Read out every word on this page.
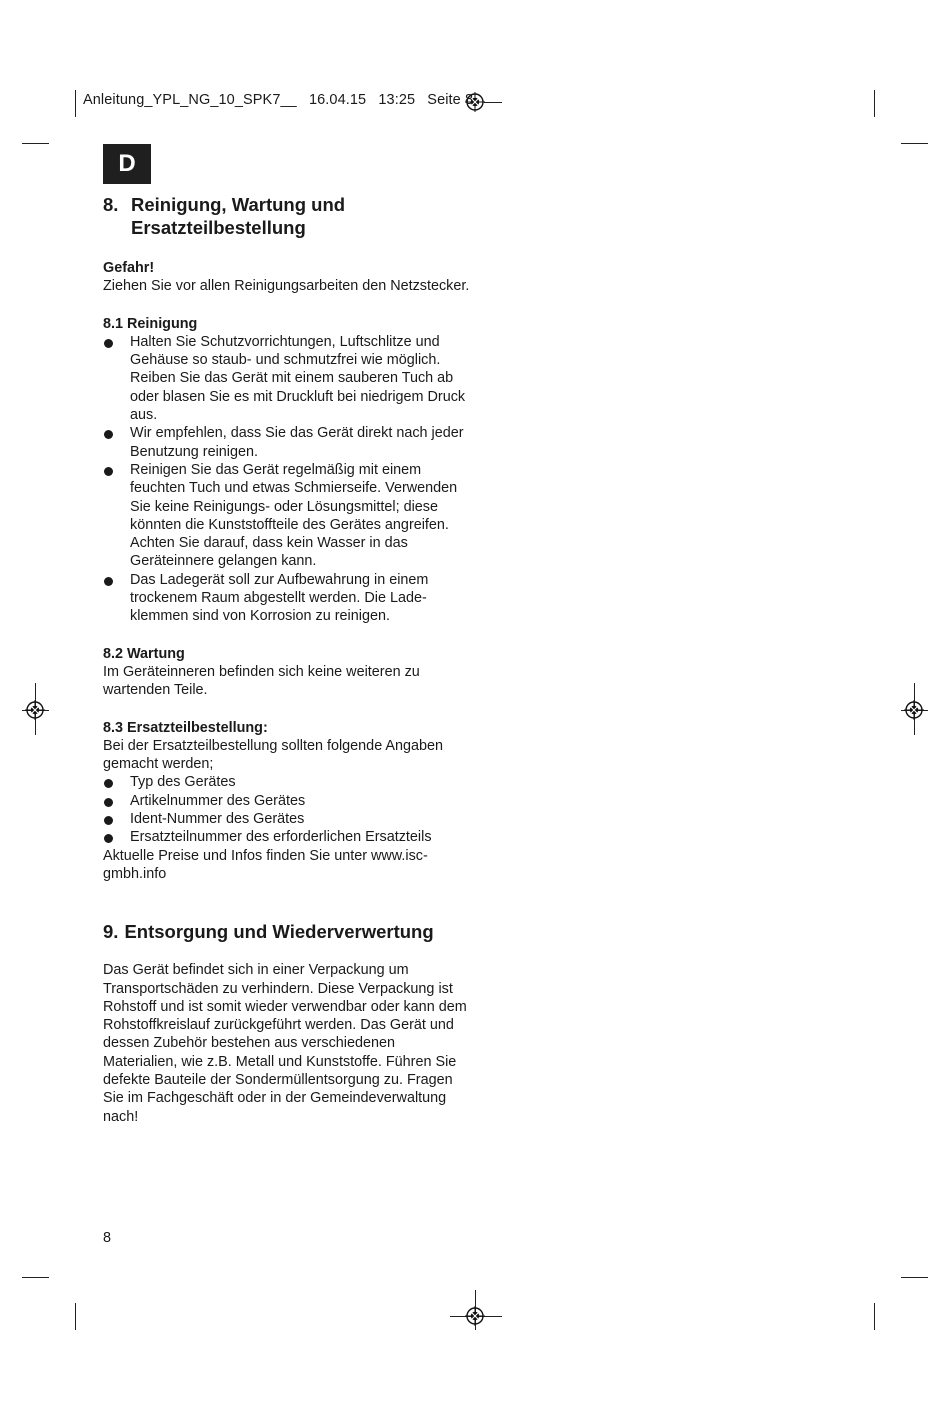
Anleitung_YPL_NG_10_SPK7__ 16.04.15 13:25 Seite 8
D
8. Reinigung, Wartung und
Ersatzteilbestellung

Gefahr!

Ziehen Sie vor allen Reinigungsarbeiten den Netzstecker.

8.1 Reinigung

Halten Sie Schutzvorrichtungen, Luftschlitze und Gehäuse so staub- und schmutzfrei wie möglich. Reiben Sie das Gerät mit einem sauberen Tuch ab oder blasen Sie es mit Druckluft bei niedrigem Druck aus.
Wir empfehlen, dass Sie das Gerät direkt nach jeder Benutzung reinigen.
Reinigen Sie das Gerät regelmäßig mit einem feuchten Tuch und etwas Schmierseife. Verwenden Sie keine Reinigungs- oder Lösungsmittel; diese könnten die Kunststoffteile des Gerätes angreifen. Achten Sie darauf, dass kein Wasser in das Geräteinnere gelangen kann.
Das Ladegerät soll zur Aufbewahrung in einem trockenem Raum abgestellt werden. Die Lade-klemmen sind von Korrosion zu reinigen.

8.2 Wartung

Im Geräteinneren befinden sich keine weiteren zu wartenden Teile.

8.3 Ersatzteilbestellung:

Bei der Ersatzteilbestellung sollten folgende Angaben gemacht werden;

Typ des Gerätes
Artikelnummer des Gerätes
Ident-Nummer des Gerätes
Ersatzteilnummer des erforderlichen Ersatzteils

Aktuelle Preise und Infos finden Sie unter www.isc-gmbh.info

9. Entsorgung und Wiederverwertung

Das Gerät befindet sich in einer Verpackung um Transportschäden zu verhindern. Diese Verpackung ist Rohstoff und ist somit wieder verwendbar oder kann dem Rohstoffkreislauf zurückgeführt werden. Das Gerät und dessen Zubehör bestehen aus verschiedenen Materialien, wie z.B. Metall und Kunststoffe. Führen Sie defekte Bauteile der Sondermüllentsorgung zu. Fragen Sie im Fachgeschäft oder in der Gemeindeverwaltung nach!

8
